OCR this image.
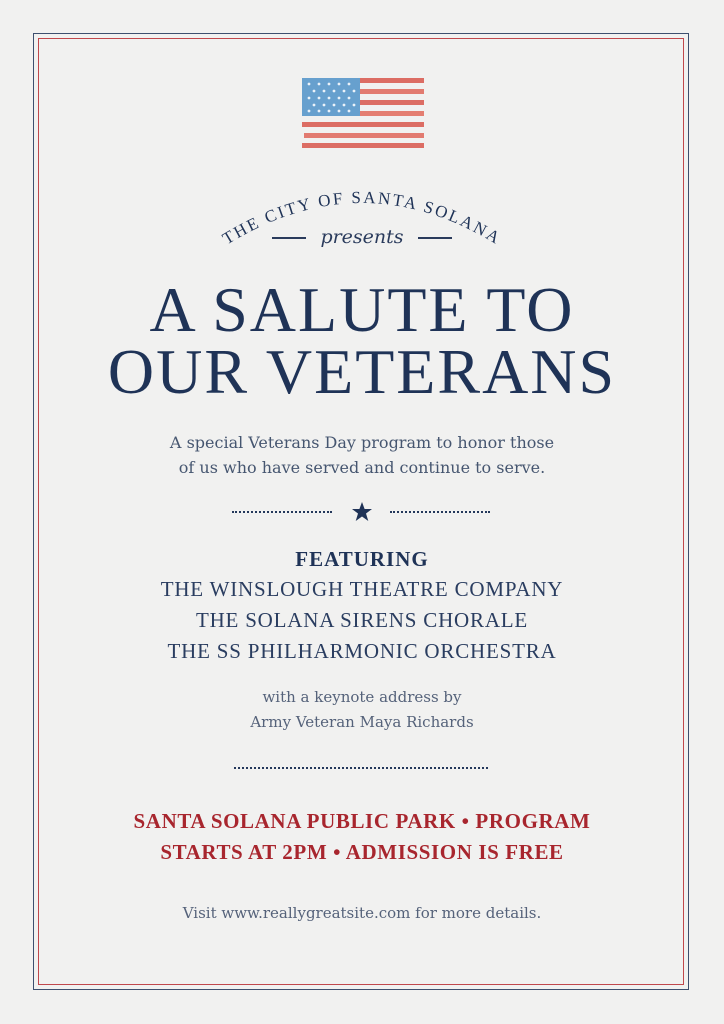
THE CITY OF SANTA SOLANA
presents
A SALUTE TO
OUR VETERANS
A special Veterans Day program to honor those
of us who have served and continue to serve.
FEATURING
THE WINSLOUGH THEATRE COMPANY
THE SOLANA SIRENS CHORALE
THE SS PHILHARMONIC ORCHESTRA
with a keynote address by
Army Veteran Maya Richards
SANTA SOLANA PUBLIC PARK • PROGRAM
STARTS AT 2PM • ADMISSION IS FREE
Visit www.reallygreatsite.com for more details.
